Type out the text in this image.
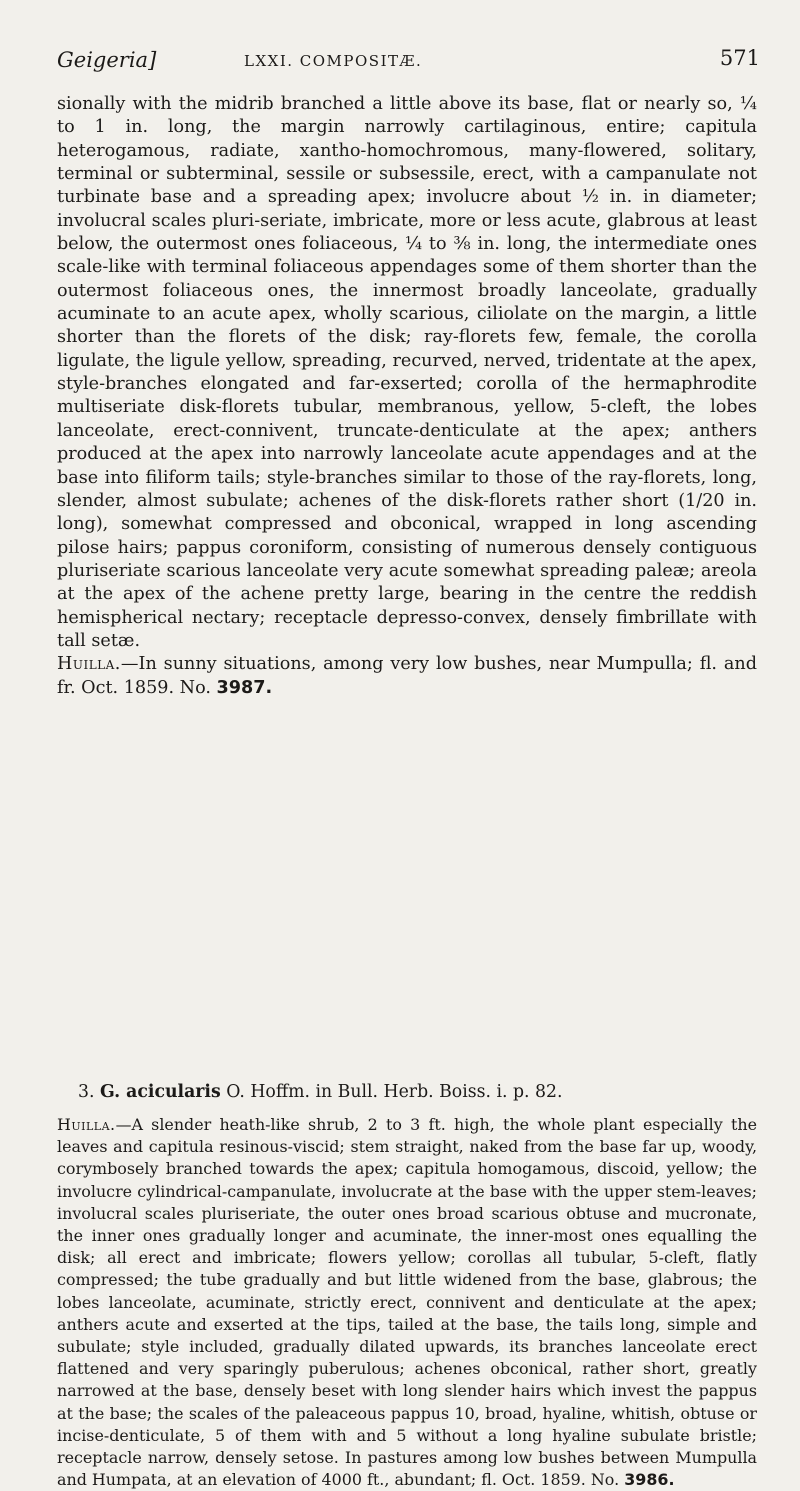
Geigeria]	LXXI. COMPOSITÆ.	571

sionally with the midrib branched a little above its base, flat or nearly so, ¼ to 1 in. long, the margin narrowly cartilaginous, entire; capitula heterogamous, radiate, xantho-homochromous, many-flowered, solitary, terminal or subterminal, sessile or subsessile, erect, with a campanulate not turbinate base and a spreading apex; involucre about ½ in. in diameter; involucral scales pluri-seriate, imbricate, more or less acute, glabrous at least below, the outermost ones foliaceous, ¼ to ⅜ in. long, the intermediate ones scale-like with terminal foliaceous appendages some of them shorter than the outermost foliaceous ones, the innermost broadly lanceolate, gradually acuminate to an acute apex, wholly scarious, ciliolate on the margin, a little shorter than the florets of the disk; ray-florets few, female, the corolla ligulate, the ligule yellow, spreading, recurved, nerved, tridentate at the apex, style-branches elongated and far-exserted; corolla of the hermaphrodite multiseriate disk-florets tubular, membranous, yellow, 5-cleft, the lobes lanceolate, erect-connivent, truncate-denticulate at the apex; anthers produced at the apex into narrowly lanceolate acute appendages and at the base into filiform tails; style-branches similar to those of the ray-florets, long, slender, almost subulate; achenes of the disk-florets rather short (1/20 in. long), somewhat compressed and obconical, wrapped in long ascending pilose hairs; pappus coroniform, consisting of numerous densely contiguous pluriseriate scarious lanceolate very acute somewhat spreading paleæ; areola at the apex of the achene pretty large, bearing in the centre the reddish hemispherical nectary; receptacle depresso-convex, densely fimbrillate with tall setæ.

Huilla.—In sunny situations, among very low bushes, near Mumpulla; fl. and fr. Oct. 1859. No. 3987.

3. G. acicularis O. Hoffm. in Bull. Herb. Boiss. i. p. 82.

Huilla.—A slender heath-like shrub, 2 to 3 ft. high, the whole plant especially the leaves and capitula resinous-viscid; stem straight, naked from the base far up, woody, corymbosely branched towards the apex; capitula homogamous, discoid, yellow; the involucre cylindrical-campanulate, involucrate at the base with the upper stem-leaves; involucral scales pluriseriate, the outer ones broad scarious obtuse and mucronate, the inner ones gradually longer and acuminate, the inner-most ones equalling the disk; all erect and imbricate; flowers yellow; corollas all tubular, 5-cleft, flatly compressed; the tube gradually and but little widened from the base, glabrous; the lobes lanceolate, acuminate, strictly erect, connivent and denticulate at the apex; anthers acute and exserted at the tips, tailed at the base, the tails long, simple and subulate; style included, gradually dilated upwards, its branches lanceolate erect flattened and very sparingly puberulous; achenes obconical, rather short, greatly narrowed at the base, densely beset with long slender hairs which invest the pappus at the base; the scales of the paleaceous pappus 10, broad, hyaline, whitish, obtuse or incise-denticulate, 5 of them with and 5 without a long hyaline subulate bristle; receptacle narrow, densely setose. In pastures among low bushes between Mumpulla and Humpata, at an elevation of 4000 ft., abundant; fl. Oct. 1859. No. 3986.
